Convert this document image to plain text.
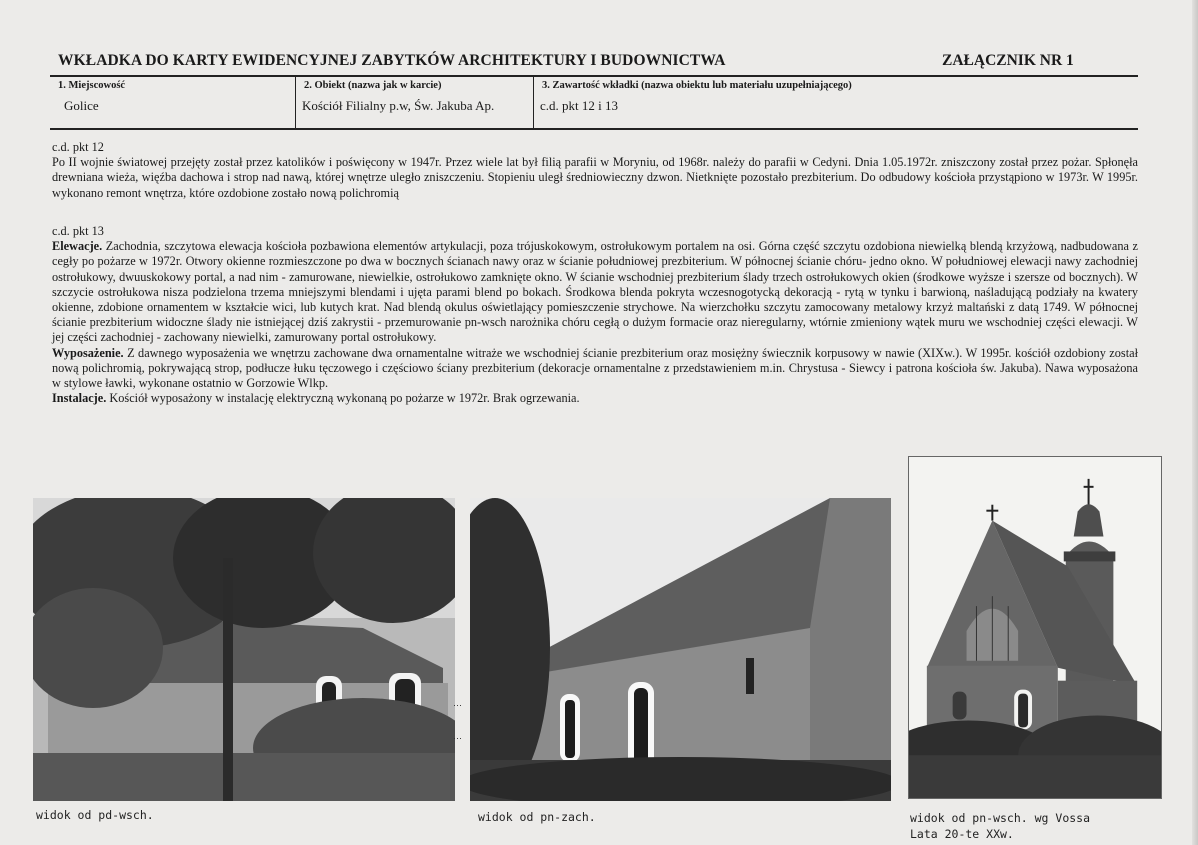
WKŁADKA DO KARTY EWIDENCYJNEJ ZABYTKÓW ARCHITEKTURY I BUDOWNICTWA	ZAŁĄCZNIK NR 1
1. Miejscowość
Golice
2. Obiekt (nazwa jak w karcie)
Kościół Filialny p.w, Św. Jakuba Ap.
3. Zawartość wkładki (nazwa obiektu lub materiału uzupełniającego)
c.d. pkt 12 i 13
c.d. pkt 12

Po II wojnie światowej przejęty został przez katolików i poświęcony w 1947r. Przez wiele lat był filią parafii w Moryniu, od 1968r. należy do parafii w Cedyni. Dnia 1.05.1972r. zniszczony został przez pożar. Spłonęła drewniana wieża, więźba dachowa i strop nad nawą, której wnętrze uległo zniszczeniu. Stopieniu uległ średniowieczny dzwon. Nietknięte pozostało prezbiterium. Do odbudowy kościoła przystąpiono w 1973r. W 1995r. wykonano remont wnętrza, które ozdobione zostało nową polichromią

c.d. pkt 13

Elewacje. Zachodnia, szczytowa elewacja kościoła pozbawiona elementów artykulacji, poza trójuskokowym, ostrołukowym portalem na osi. Górna część szczytu ozdobiona niewielką blendą krzyżową, nadbudowana z cegły po pożarze w 1972r. Otwory okienne rozmieszczone po dwa w bocznych ścianach nawy oraz w ścianie południowej prezbiterium. W północnej ścianie chóru- jedno okno. W południowej elewacji nawy zachodniej ostrołukowy, dwuuskokowy portal, a nad nim - zamurowane, niewielkie, ostrołukowo zamknięte okno. W ścianie wschodniej prezbiterium ślady trzech ostrołukowych okien (środkowe wyższe i szersze od bocznych). W szczycie ostrołukowa nisza podzielona trzema mniejszymi blendami i ujęta parami blend po bokach. Środkowa blenda pokryta wczesnogotycką dekoracją - rytą w tynku i barwioną, naśladującą podziały na kwatery okienne, zdobione ornamentem w kształcie wici, lub kutych krat. Nad blendą okulus oświetlający pomieszczenie strychowe. Na wierzchołku szczytu zamocowany metalowy krzyż maltański z datą 1749. W północnej ścianie prezbiterium widoczne ślady nie istniejącej dziś zakrystii - przemurowanie pn-wsch narożnika chóru cegłą o dużym formacie oraz nieregularny, wtórnie zmieniony wątek muru we wschodniej części elewacji. W jej części zachodniej - zachowany niewielki, zamurowany portal ostrołukowy.

Wyposażenie. Z dawnego wyposażenia we wnętrzu zachowane dwa ornamentalne witraże we wschodniej ścianie prezbiterium oraz mosiężny świecznik korpusowy w nawie (XIXw.). W 1995r. kościół ozdobiony został nową polichromią, pokrywającą strop, podłucze łuku tęczowego i częściowo ściany prezbiterium (dekoracje ornamentalne z przedstawieniem m.in. Chrystusa - Siewcy i patrona kościoła św. Jakuba). Nawa wyposażona w stylowe ławki, wykonane ostatnio w Gorzowie Wlkp.

Instalacje. Kościół wyposażony w instalację elektryczną wykonaną po pożarze w 1972r. Brak ogrzewania.

⋯
⋯
widok od pd-wsch.	widok od pn-zach.	widok od pn-wsch. wg Vossa
Lata 20-te XXw.
